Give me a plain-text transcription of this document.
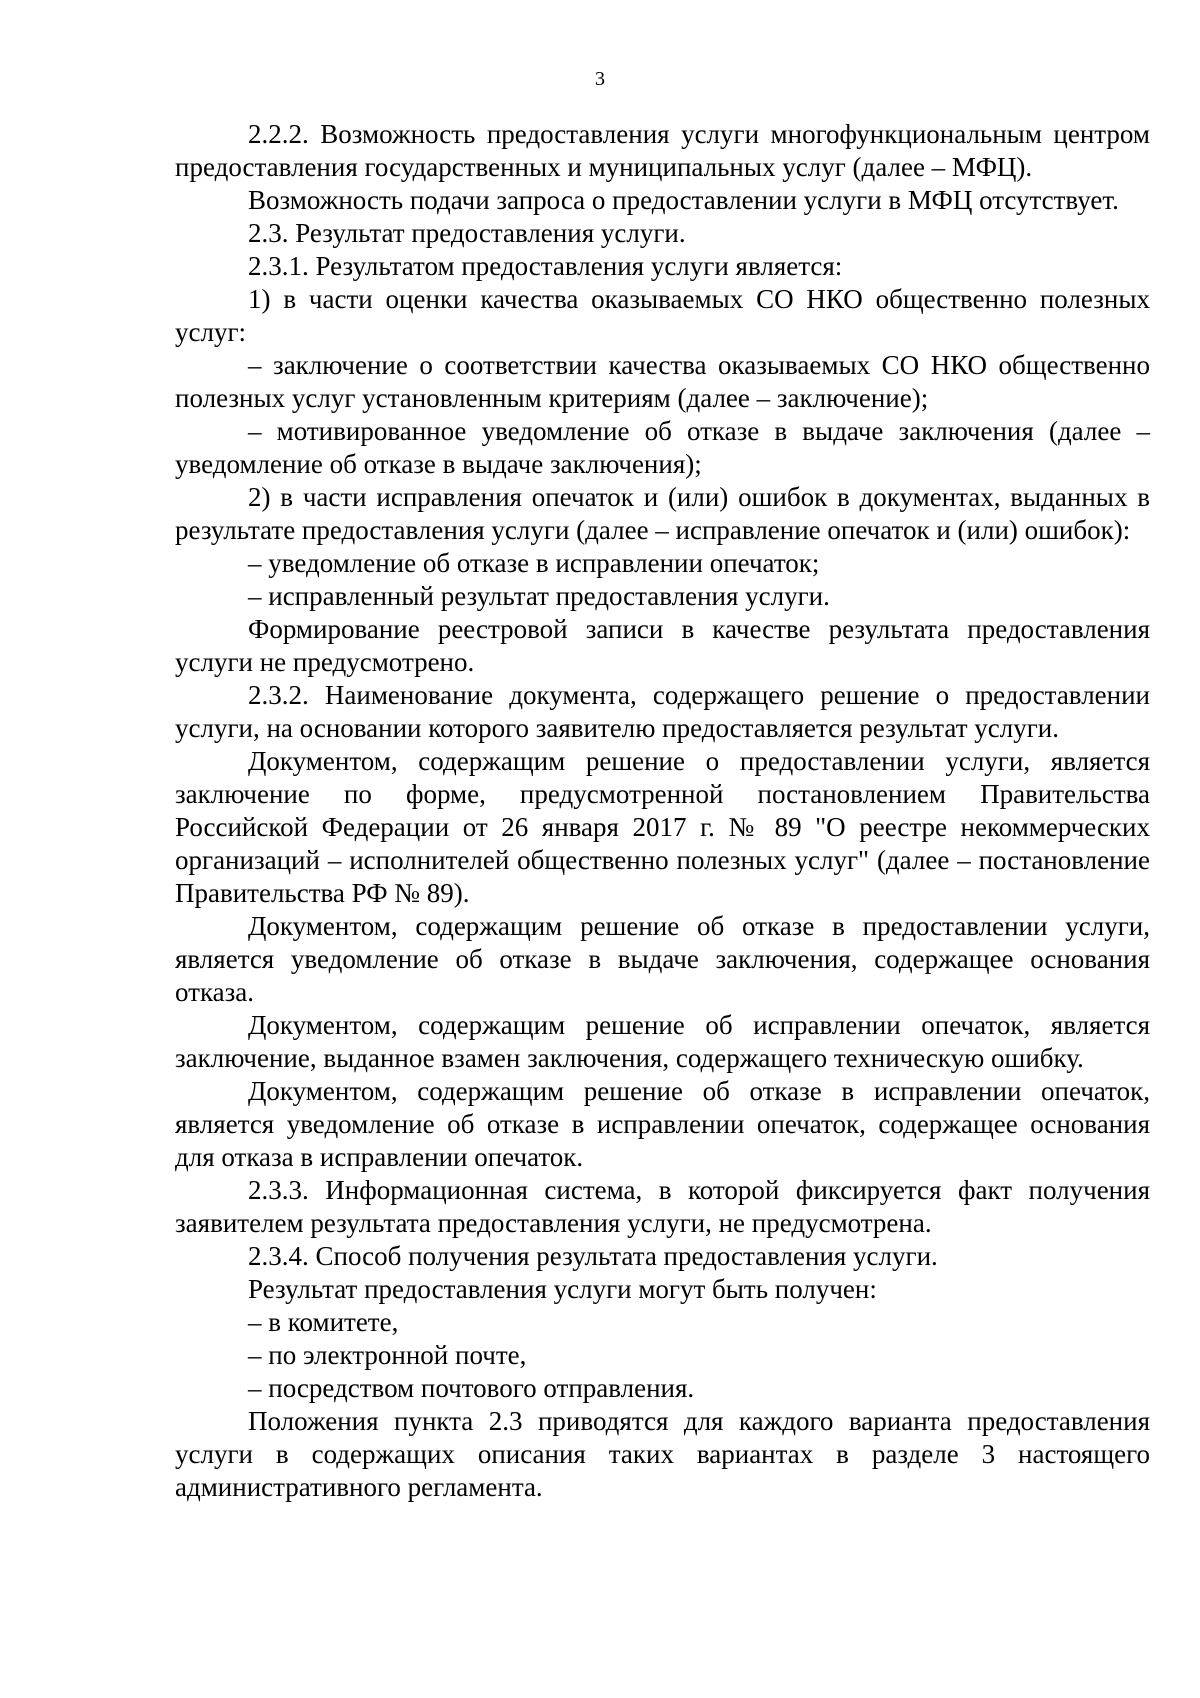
3

2.2.2. Возможность предоставления услуги многофункциональным центром предоставления государственных и муниципальных услуг (далее – МФЦ).

Возможность подачи запроса о предоставлении услуги в МФЦ отсутствует.

2.3. Результат предоставления услуги.

2.3.1. Результатом предоставления услуги является:

1) в части оценки качества оказываемых СО НКО общественно полезных услуг:

– заключение о соответствии качества оказываемых СО НКО общественно полезных услуг установленным критериям (далее – заключение);

– мотивированное уведомление об отказе в выдаче заключения (далее – уведомление об отказе в выдаче заключения);

2) в части исправления опечаток и (или) ошибок в документах, выданных в результате предоставления услуги (далее – исправление опечаток и (или) ошибок):

– уведомление об отказе в исправлении опечаток;

– исправленный результат предоставления услуги.

Формирование реестровой записи в качестве результата предоставления услуги не предусмотрено.

2.3.2. Наименование документа, содержащего решение о предоставлении услуги, на основании которого заявителю предоставляется результат услуги.

Документом, содержащим решение о предоставлении услуги, является заключение по форме, предусмотренной постановлением Правительства Российской Федерации от 26 января 2017 г. № 89 "О реестре некоммерческих организаций – исполнителей общественно полезных услуг" (далее – постановление Правительства РФ № 89).

Документом, содержащим решение об отказе в предоставлении услуги, является уведомление об отказе в выдаче заключения, содержащее основания отказа.

Документом, содержащим решение об исправлении опечаток, является заключение, выданное взамен заключения, содержащего техническую ошибку.

Документом, содержащим решение об отказе в исправлении опечаток, является уведомление об отказе в исправлении опечаток, содержащее основания для отказа в исправлении опечаток.

2.3.3. Информационная система, в которой фиксируется факт получения заявителем результата предоставления услуги, не предусмотрена.

2.3.4. Способ получения результата предоставления услуги.

Результат предоставления услуги могут быть получен:

– в комитете,

– по электронной почте,

– посредством почтового отправления.

Положения пункта 2.3 приводятся для каждого варианта предоставления услуги в содержащих описания таких вариантах в разделе 3 настоящего административного регламента.
